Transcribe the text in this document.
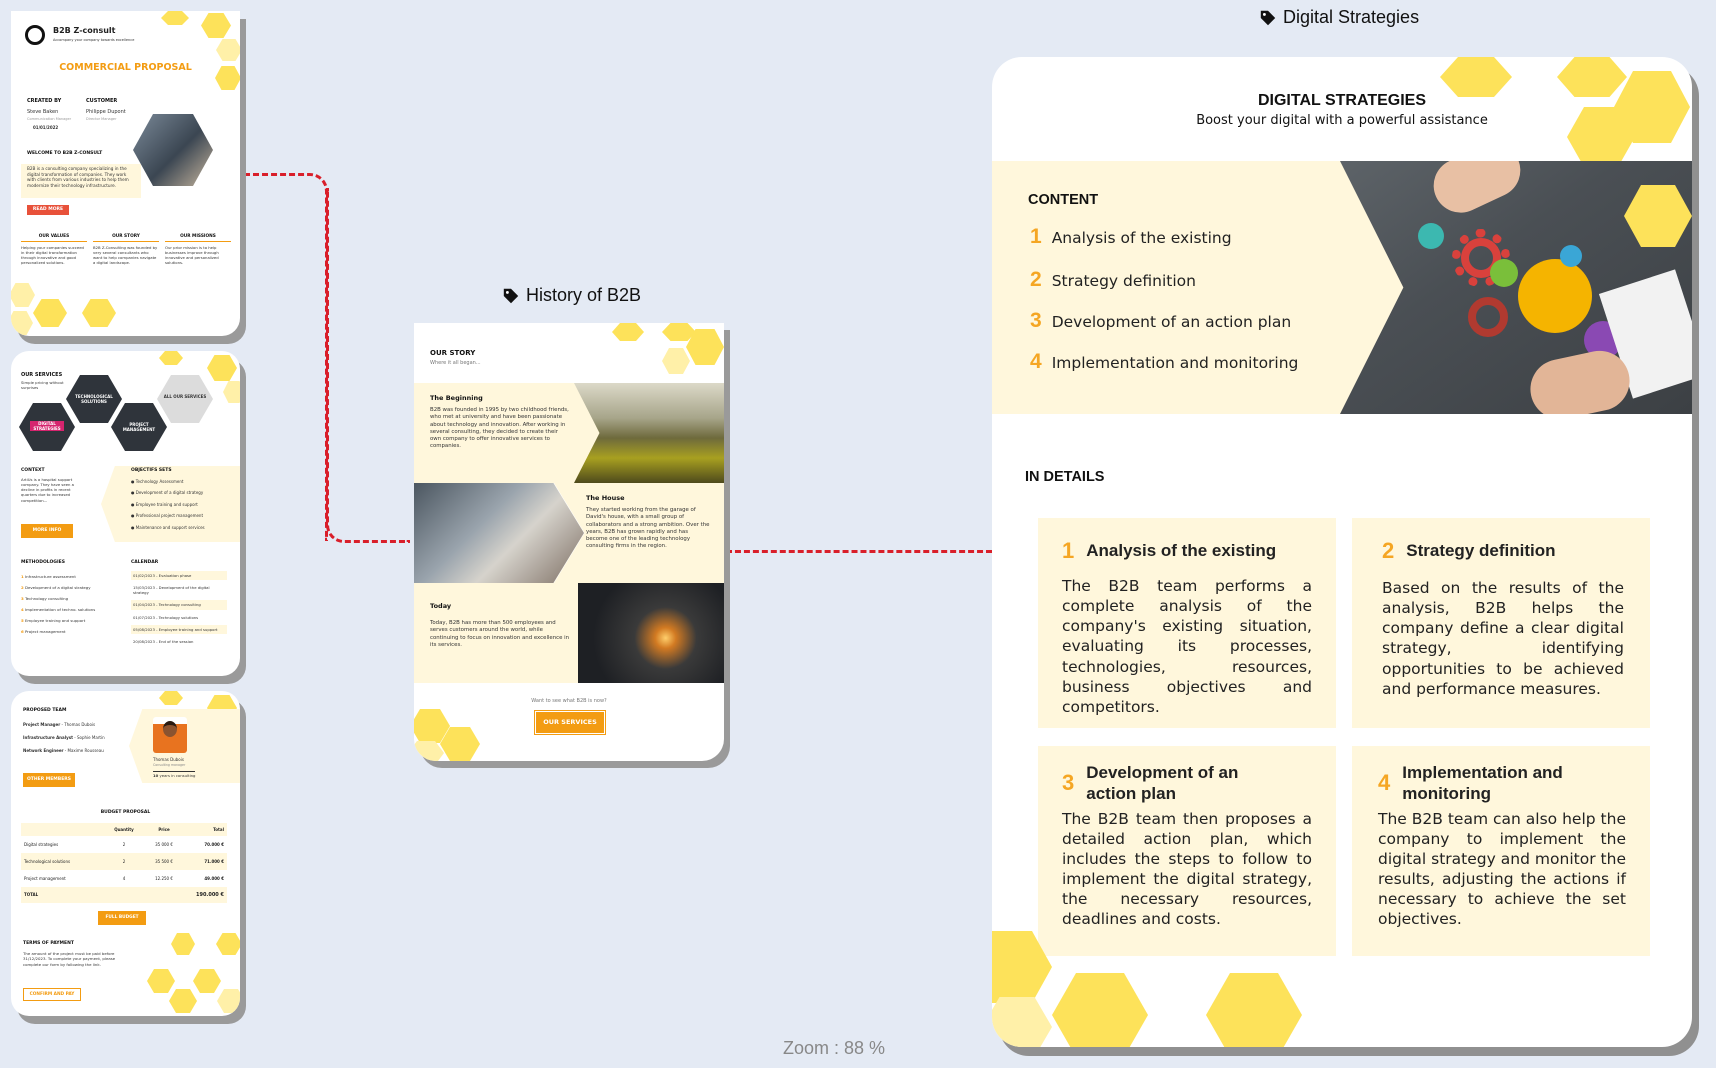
History of B2B
Digital Strategies
B2B Z-consult
Accompany your company towards excellence
COMMERCIAL PROPOSAL
CREATED BY
Steve Baken
Communication Manager
01/01/2022
CUSTOMER
Philippe Dupont
Director Manager
WELCOME TO B2B Z-CONSULT
B2B is a consulting company specializing in the digital transformation of companies. They work with clients from various industries to help them modernize their technology infrastructure.
READ MORE
OUR VALUES
Helping your companies succeed in their digital transformation through innovative and good personalized solutions.
OUR STORY
B2B Z-Consulting was founded by very several consultants who want to help companies navigate a digital landscape.
OUR MISSIONS
Our prior mission is to help businesses improve through innovative and personalized solutions.
OUR SERVICES
Simple pricing without surprises
TECHNOLOGICAL SOLUTIONS
ALL OUR SERVICES
DIGITAL STRATEGIES
PROJECT MANAGEMENT
CONTEXT
ArtiUs is a hospital support company. They have seen a decline in profits in recent quarters due to increased competition...
MORE INFO
OBJECTIFS SETS
● Technology Assessment
● Development of a digital strategy
● Employee training and support
● Professional project management
● Maintenance and support services
METHODOLOGIES
1 Infrastructure assessment
2 Development of a digital strategy
3 Technology consulting
4 Implementation of techno. solutions
5 Employee training and support
6 Project management
CALENDAR
01/02/2023 - Evaluation phase
15/03/2023 - Development of the digital strategy
01/04/2023 - Technology consulting
01/07/2023 - Technology solutions
05/08/2023 - Employee training and support
20/08/2023 - End of the session
PROPOSED TEAM
Project Manager - Thomas Dubois
Infrastructure Analyst - Sophie Martin
Network Engineer - Maxime Rousseau
OTHER MEMBERS
Thomas Dubois
Consulting manager
10 years in consulting
BUDGET PROPOSAL
Quantity	Price	Total
Digital strategies	2	35 000 €	70.000 €
Technological solutions	2	35 500 €	71.000 €
Project management	4	12.250 €	49.000 €
TOTAL	190.000 €
FULL BUDGET
TERMS OF PAYMENT
The amount of the project must be paid before 31/12/2023. To complete your payment, please complete our form by following the link.
CONFIRM AND PAY
OUR STORY
Where it all began...
The Beginning
B2B was founded in 1995 by two childhood friends, who met at university and have been passionate about technology and innovation. After working in several consulting, they decided to create their own company to offer innovative services to companies.
The House
They started working from the garage of David's house, with a small group of collaborators and a strong ambition. Over the years, B2B has grown rapidly and has become one of the leading technology consulting firms in the region.
Today
Today, B2B has more than 500 employees and serves customers around the world, while continuing to focus on innovation and excellence in its services.
Want to see what B2B is now?
OUR SERVICES
DIGITAL STRATEGIES
Boost your digital with a powerful assistance
CONTENT
1 Analysis of the existing
2 Strategy definition
3 Development of an action plan
4 Implementation and monitoring
IN DETAILS
1 Analysis of the existing

The B2B team performs a complete analysis of the company's existing situation, evaluating its processes, technologies, resources, business objectives and competitors.

2 Strategy definition

Based on the results of the analysis, B2B helps the company define a clear digital strategy, identifying opportunities to be achieved and performance measures.

3 Development of an action plan

The B2B team then proposes a detailed action plan, which includes the steps to follow to implement the digital strategy, the necessary resources, deadlines and costs.

4 Implementation and monitoring

The B2B team can also help the company to implement the digital strategy and monitor the results, adjusting the actions if necessary to achieve the set objectives.

Zoom : 88 %
